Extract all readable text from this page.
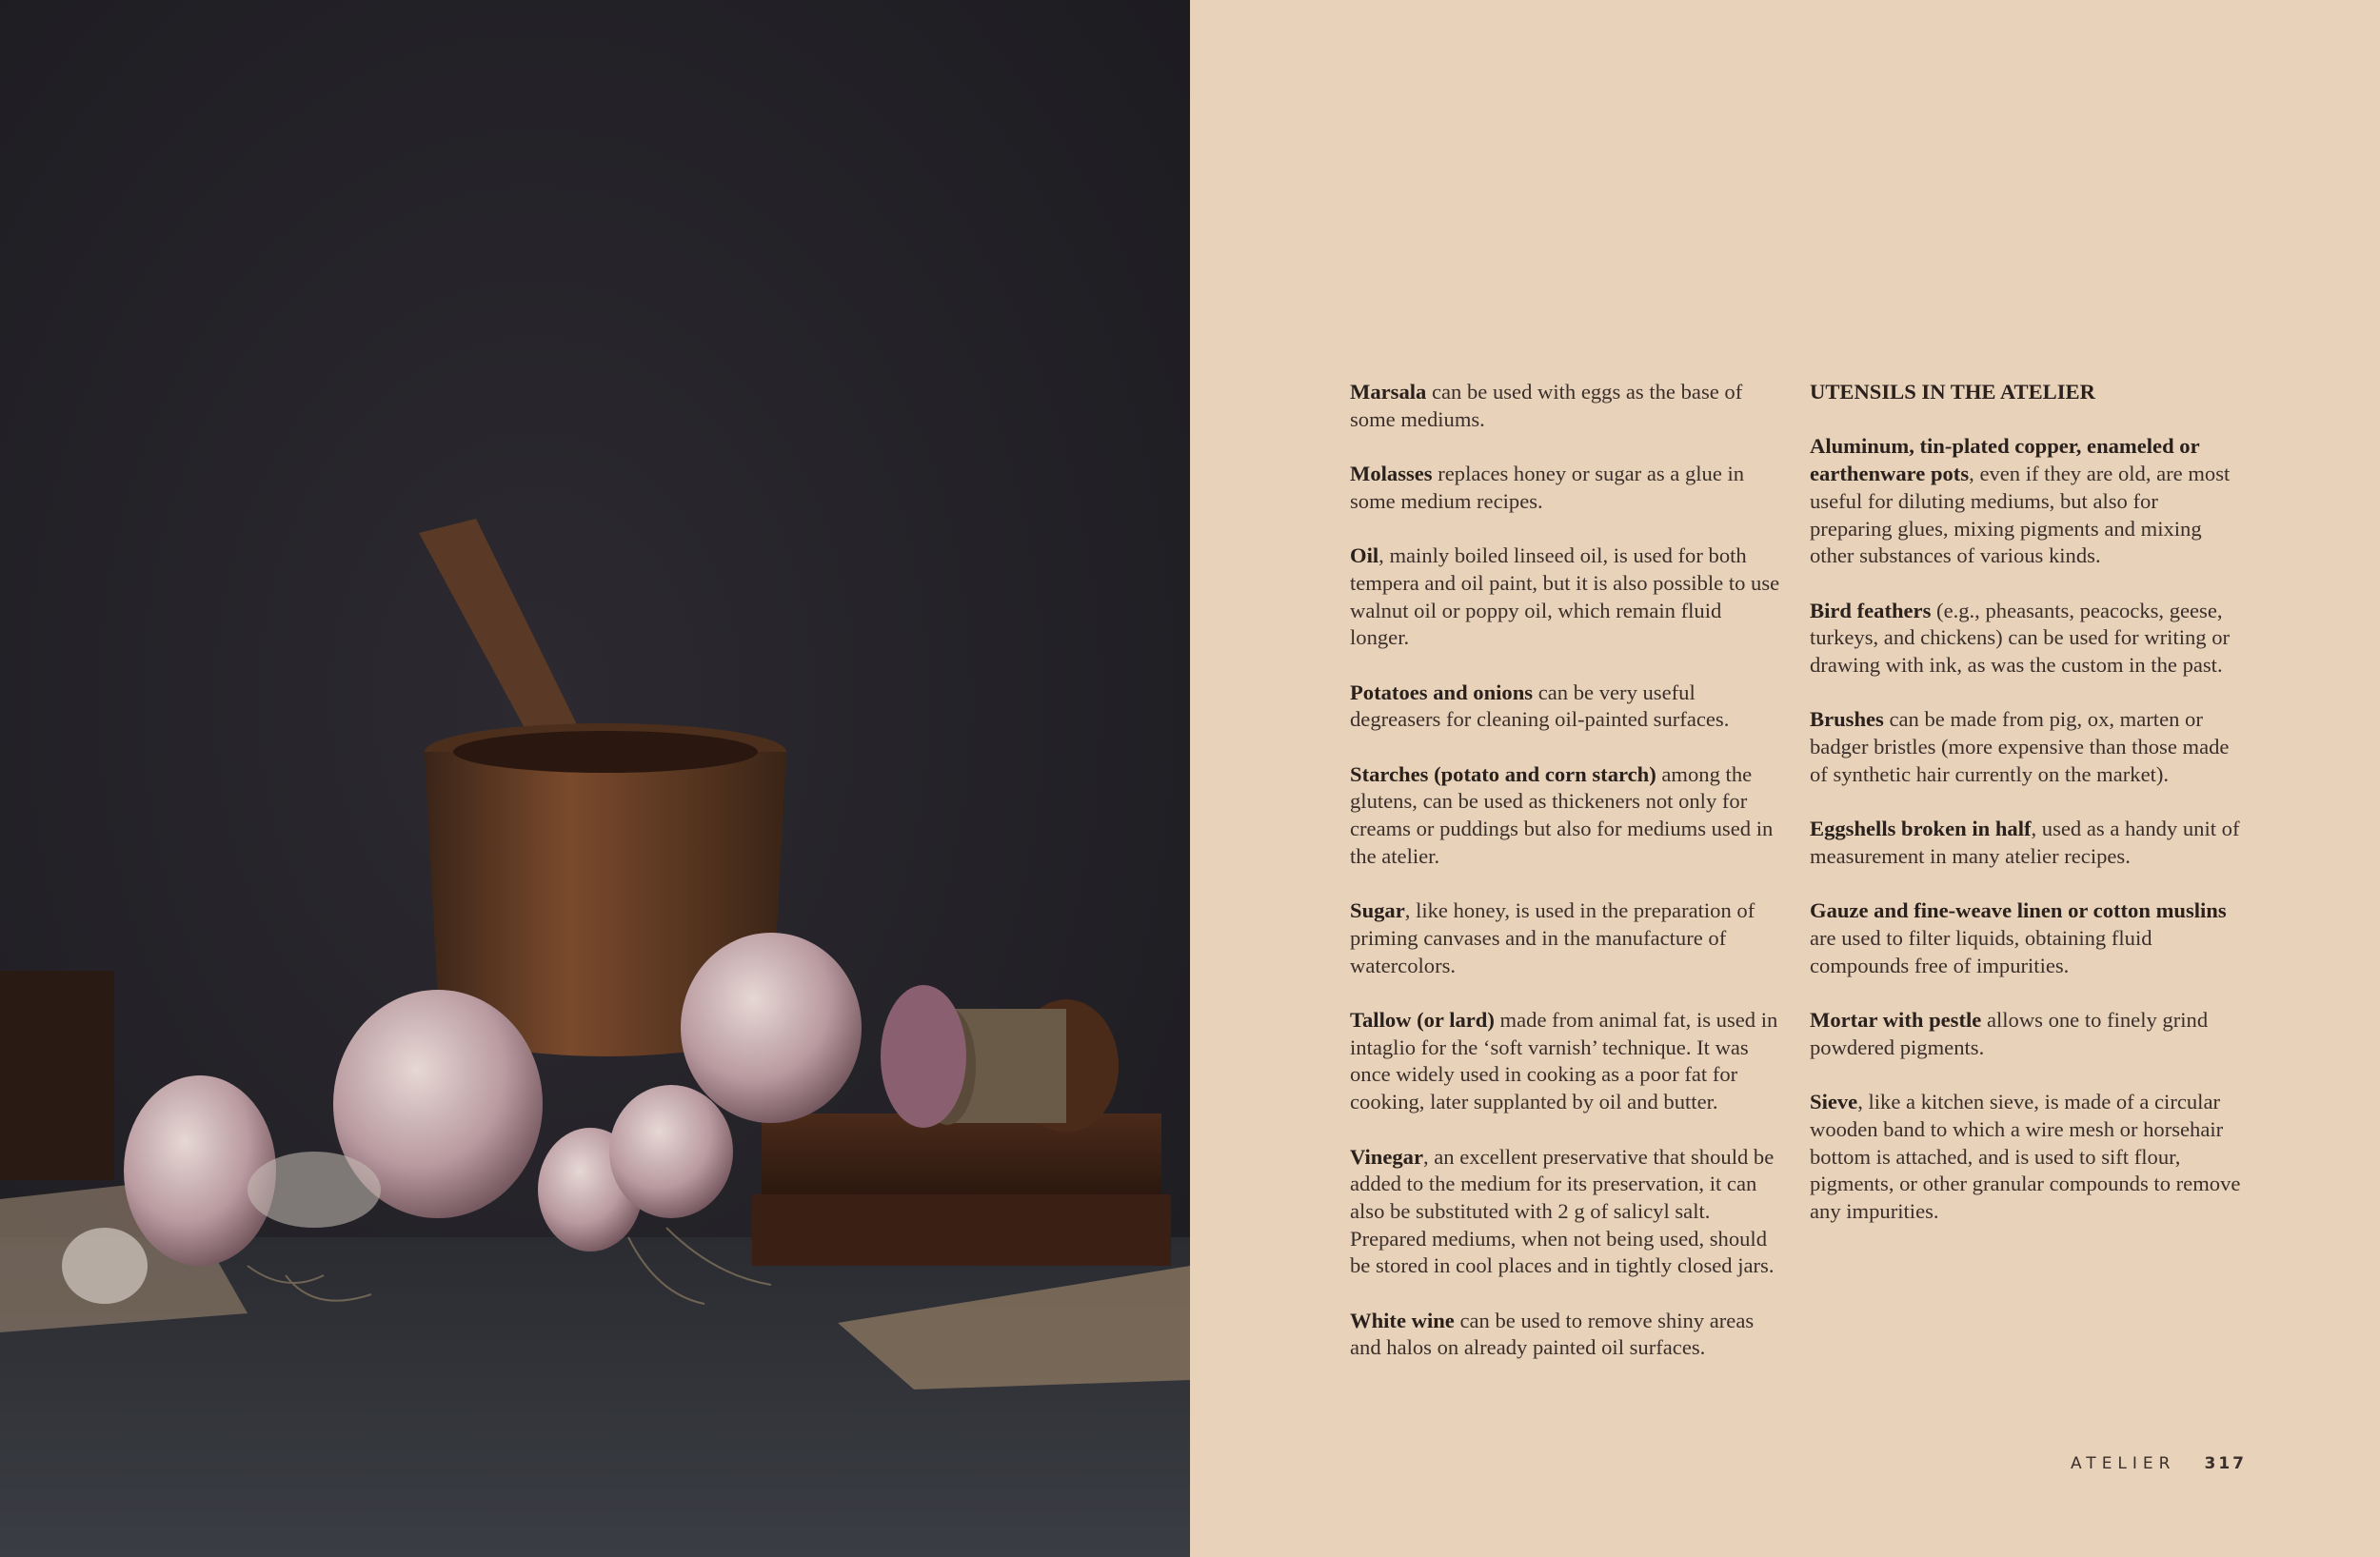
Marsala can be used with eggs as the base of some mediums.

Molasses replaces honey or sugar as a glue in some medium recipes.

Oil, mainly boiled linseed oil, is used for both tempera and oil paint, but it is also possible to use walnut oil or poppy oil, which remain fluid longer.

Potatoes and onions can be very useful degreasers for cleaning oil-painted surfaces.

Starches (potato and corn starch) among the glutens, can be used as thickeners not only for creams or puddings but also for mediums used in the atelier.

Sugar, like honey, is used in the preparation of priming canvases and in the manufacture of watercolors.

Tallow (or lard) made from animal fat, is used in intaglio for the ‘soft varnish’ technique. It was once widely used in cooking as a poor fat for cooking, later supplanted by oil and butter.

Vinegar, an excellent preservative that should be added to the medium for its preservation, it can also be substituted with 2 g of salicyl salt. Prepared mediums, when not being used, should be stored in cool places and in tightly closed jars.

White wine can be used to remove shiny areas and halos on already painted oil surfaces.

UTENSILS IN THE ATELIER

Aluminum, tin-plated copper, enameled or earthenware pots, even if they are old, are most useful for diluting mediums, but also for preparing glues, mixing pigments and mixing other substances of various kinds.

Bird feathers (e.g., pheasants, peacocks, geese, turkeys, and chickens) can be used for writing or drawing with ink, as was the custom in the past.

Brushes can be made from pig, ox, marten or badger bristles (more expensive than those made of synthetic hair currently on the market).

Eggshells broken in half, used as a handy unit of measurement in many atelier recipes.

Gauze and fine-weave linen or cotton muslins are used to filter liquids, obtaining fluid compounds free of impurities.

Mortar with pestle allows one to finely grind powdered pigments.

Sieve, like a kitchen sieve, is made of a circular wooden band to which a wire mesh or horsehair bottom is attached, and is used to sift flour, pigments, or other granular compounds to remove any impurities.

ATELIER 317
